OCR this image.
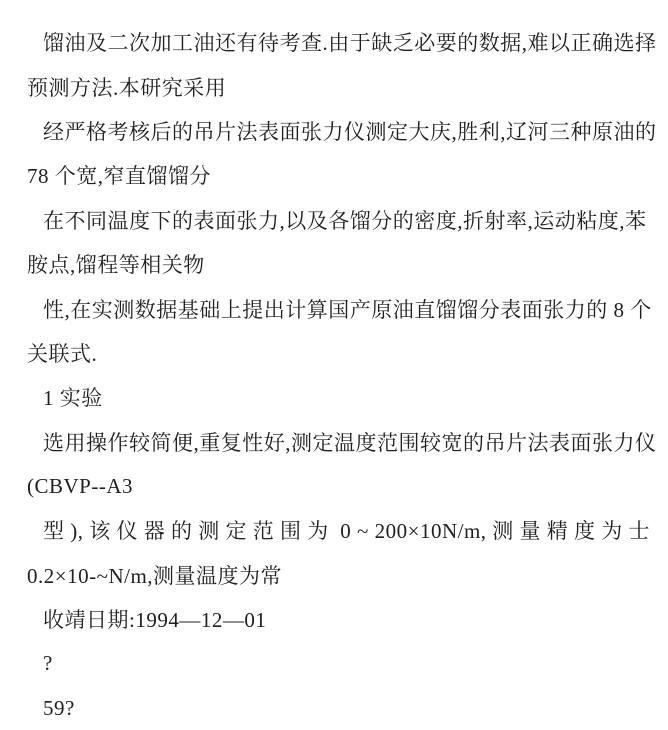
馏油及二次加工油还有待考查.由于缺乏必要的数据,难以正确选择
预测方法.本研究采用
经严格考核后的吊片法表面张力仪测定大庆,胜利,辽河三种原油的
78 个宽,窄直馏馏分
在不同温度下的表面张力,以及各馏分的密度,折射率,运动粘度,苯
胺点,馏程等相关物
性,在实测数据基础上提出计算国产原油直馏馏分表面张力的 8 个
关联式.
1 实验
选用操作较简便,重复性好,测定温度范围较宽的吊片法表面张力仪
(CBVP--A3
型 ), 该 仪 器 的 测 定 范 围 为  0 ~ 200×10N/m, 测 量 精 度 为 士
0.2×10-~N/m,测量温度为常
收靖日期:1994—12—01
?
59?
